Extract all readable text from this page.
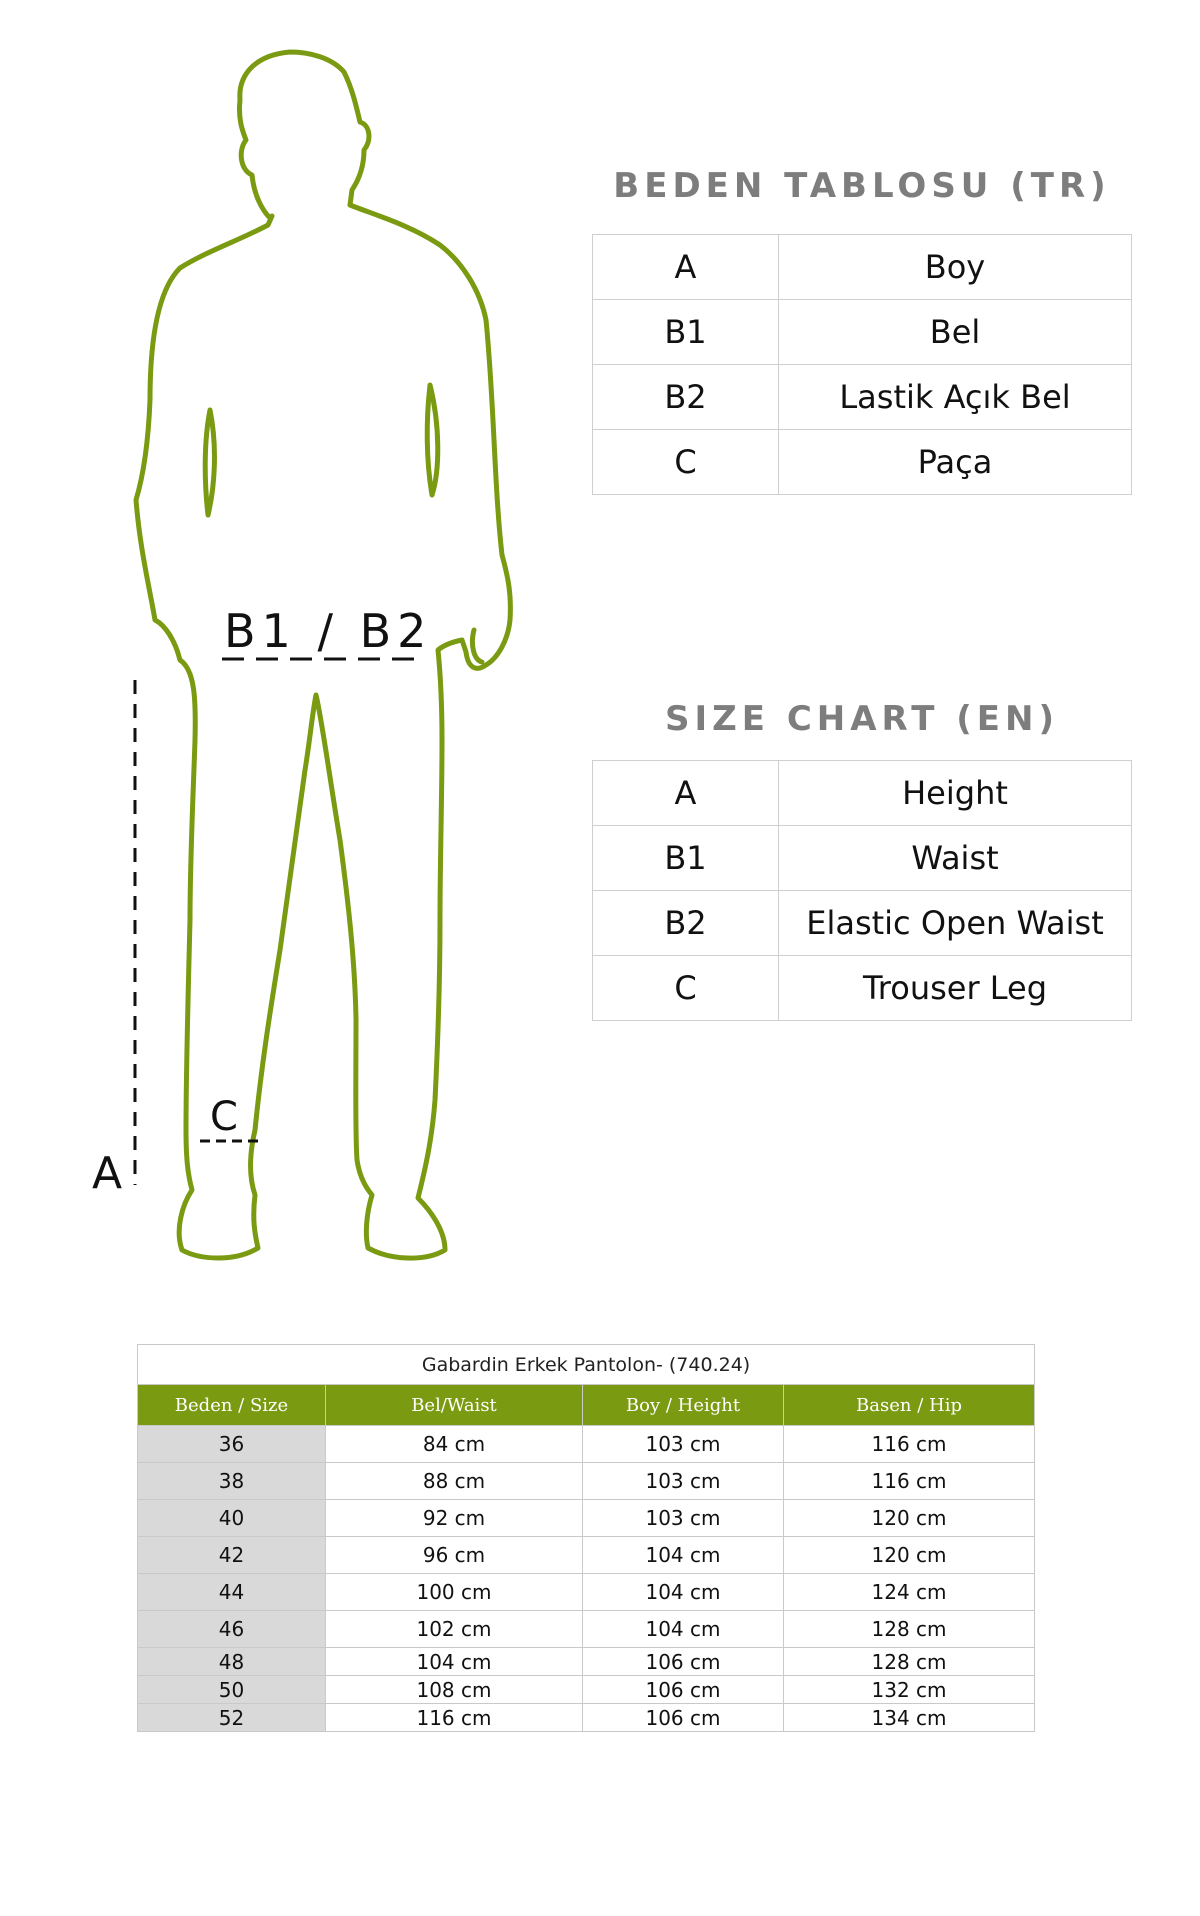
B1 / B2
C
A
BEDEN TABLOSU (TR)
A	Boy
B1	Bel
B2	Lastik Açık Bel
C	Paça
SIZE CHART (EN)
A	Height
B1	Waist
B2	Elastic Open Waist
C	Trouser Leg
Gabardin Erkek Pantolon- (740.24)			
Beden / Size	Bel/Waist	Boy / Height	Basen / Hip
36	84 cm	103 cm	116 cm
38	88 cm	103 cm	116 cm
40	92 cm	103 cm	120 cm
42	96 cm	104 cm	120 cm
44	100 cm	104 cm	124 cm
46	102 cm	104 cm	128 cm
48	104 cm	106 cm	128 cm
50	108 cm	106 cm	132 cm
52	116 cm	106 cm	134 cm
